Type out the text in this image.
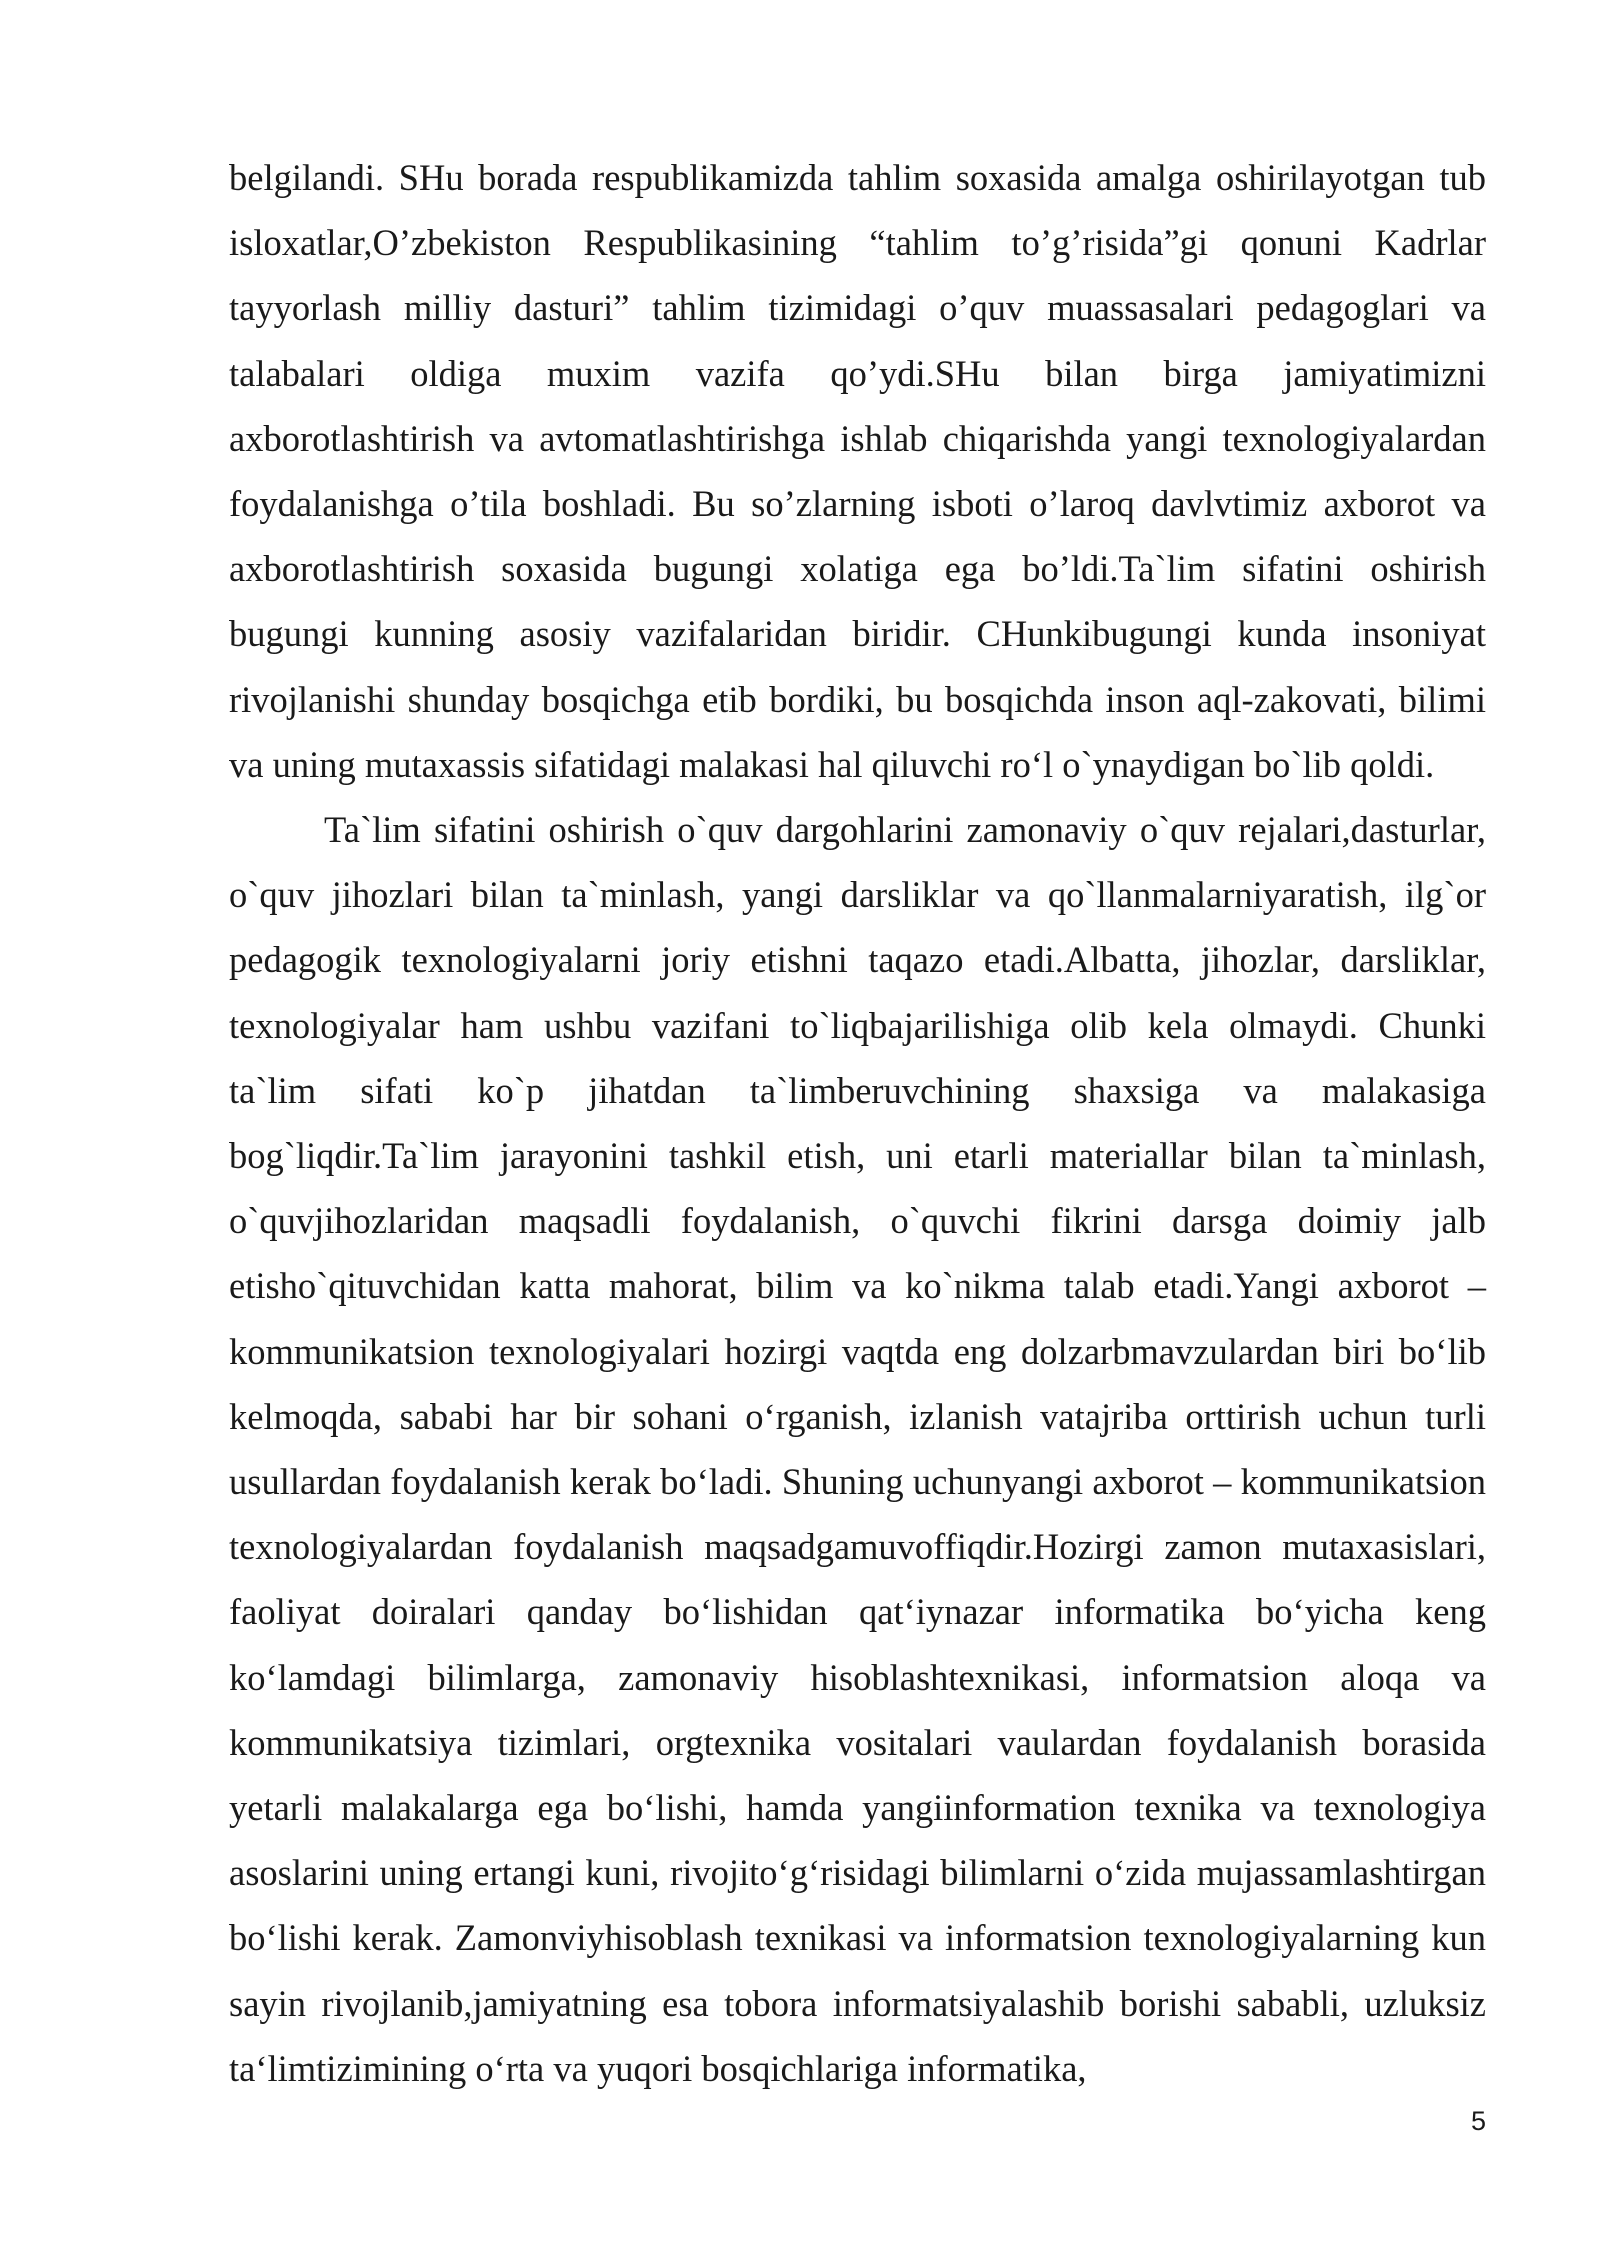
belgilandi. SHu borada respublikamizda tahlim soxasida amalga oshirilayotgan tub isloxatlar,O’zbekiston Respublikasining “tahlim to’g’risida”gi qonuni Kadrlar tayyorlash milliy dasturi” tahlim tizimidagi o’quv muassasalari pedagoglari va talabalari oldiga muxim vazifa qo’ydi.SHu bilan birga jamiyatimizni axborotlashtirish va avtomatlashtirishga ishlab chiqarishda yangi texnologiyalardan foydalanishga o’tila boshladi. Bu so’zlarning isboti o’laroq davlvtimiz axborot va axborotlashtirish soxasida bugungi xolatiga ega bo’ldi.Ta`lim sifatini oshirish bugungi kunning asosiy vazifalaridan biridir. CHunkibugungi kunda insoniyat rivojlanishi shunday bosqichga etib bordiki, bu bosqichda inson aql-zakovati, bilimi va uning mutaxassis sifatidagi malakasi hal qiluvchi ro‘l o`ynaydigan bo`lib qoldi.

Ta`lim sifatini oshirish o`quv dargohlarini zamonaviy o`quv rejalari,dasturlar, o`quv jihozlari bilan ta`minlash, yangi darsliklar va qo`llanmalarniyaratish, ilg`or pedagogik texnologiyalarni joriy etishni taqazo etadi.Albatta, jihozlar, darsliklar, texnologiyalar ham ushbu vazifani to`liqbajarilishiga olib kela olmaydi. Chunki ta`lim sifati ko`p jihatdan ta`limberuvchining shaxsiga va malakasiga bog`liqdir.Ta`lim jarayonini tashkil etish, uni etarli materiallar bilan ta`minlash, o`quvjihozlaridan maqsadli foydalanish, o`quvchi fikrini darsga doimiy jalb etisho`qituvchidan katta mahorat, bilim va ko`nikma talab etadi.Yangi axborot – kommunikatsion texnologiyalari hozirgi vaqtda eng dolzarbmavzulardan biri bo‘lib kelmoqda, sababi har bir sohani o‘rganish, izlanish vatajriba orttirish uchun turli usullardan foydalanish kerak bo‘ladi. Shuning uchunyangi axborot – kommunikatsion texnologiyalardan foydalanish maqsadgamuvoffiqdir.Hozirgi zamon mutaxasislari, faoliyat doiralari qanday bo‘lishidan qat‘iynazar informatika bo‘yicha keng ko‘lamdagi bilimlarga, zamonaviy hisoblashtexnikasi, informatsion aloqa va kommunikatsiya tizimlari, orgtexnika vositalari vaulardan foydalanish borasida yetarli malakalarga ega bo‘lishi, hamda yangiinformation texnika va texnologiya asoslarini uning ertangi kuni, rivojito‘g‘risidagi bilimlarni o‘zida mujassamlashtirgan bo‘lishi kerak. Zamonviyhisoblash texnikasi va informatsion texnologiyalarning kun sayin rivojlanib,jamiyatning esa tobora informatsiyalashib borishi sababli, uzluksiz ta‘limtizimining o‘rta va yuqori bosqichlariga informatika,

5
